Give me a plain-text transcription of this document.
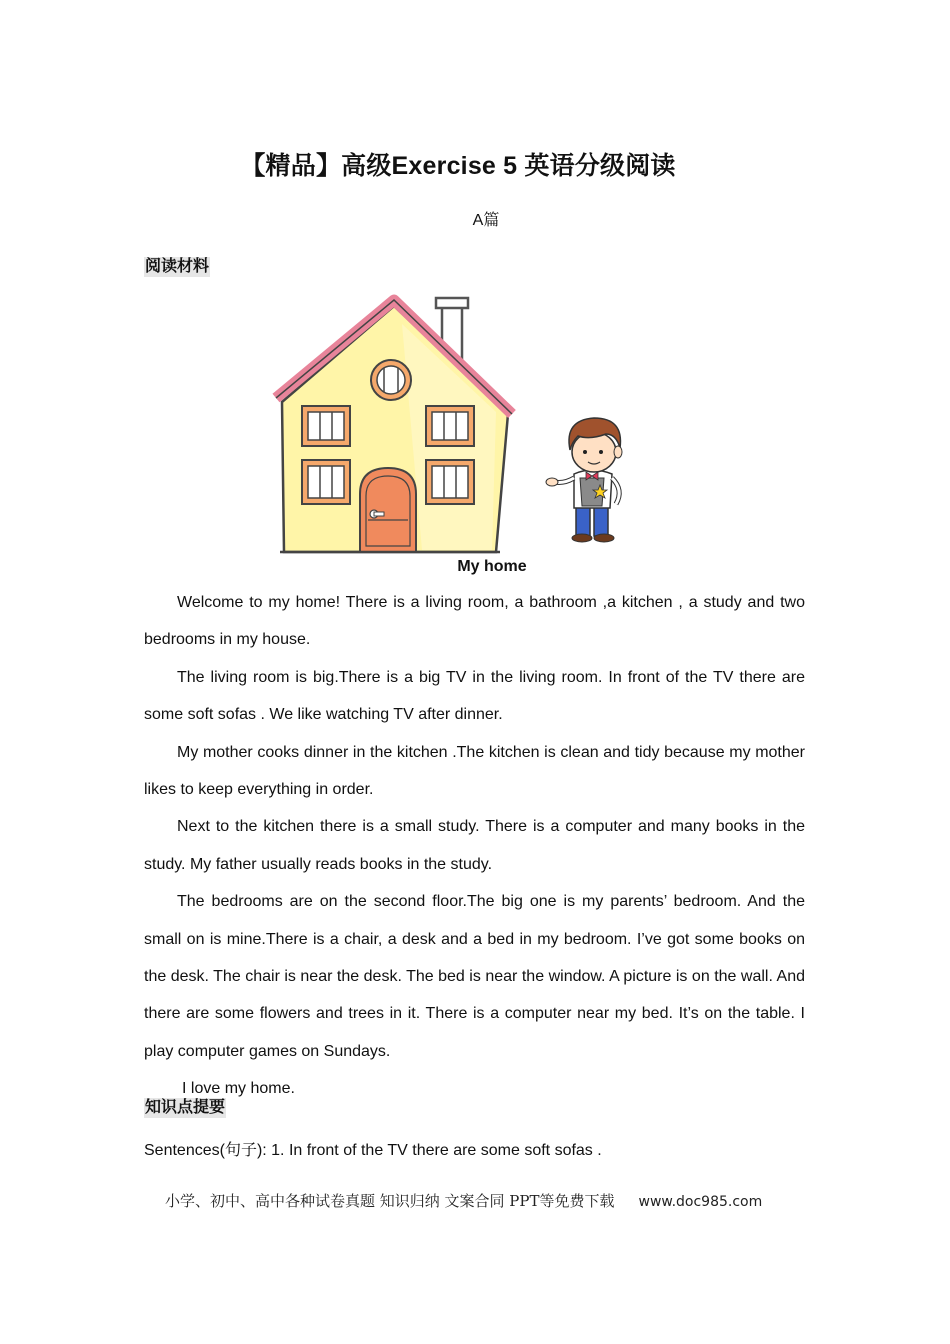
【精品】高级Exercise 5 英语分级阅读
A篇
阅读材料
My home

Welcome to my home! There is a living room, a bathroom ,a kitchen , a study and two bedrooms in my house.

The living room is big.There is a big TV in the living room. In front of the TV there are some soft sofas . We like watching TV after dinner.

My mother cooks dinner in the kitchen .The kitchen is clean and tidy because my mother likes to keep everything in order.

Next to the kitchen there is a small study. There is a computer and many books in the study. My father usually reads books in the study.

The bedrooms are on the second floor.The big one is my parents’ bedroom. And the small on is mine.There is a chair, a desk and a bed in my bedroom. I’ve got some books on the desk. The chair is near the desk. The bed is near the window. A picture is on the wall. And there are some flowers and trees in it. There is a computer near my bed. It’s on the table. I play computer games on Sundays.

I love my home.

知识点提要
Sentences(句子): 1. In front of the TV there are some soft sofas .
小学、初中、高中各种试卷真题 知识归纳 文案合同 PPT等免费下载 www.doc985.com
